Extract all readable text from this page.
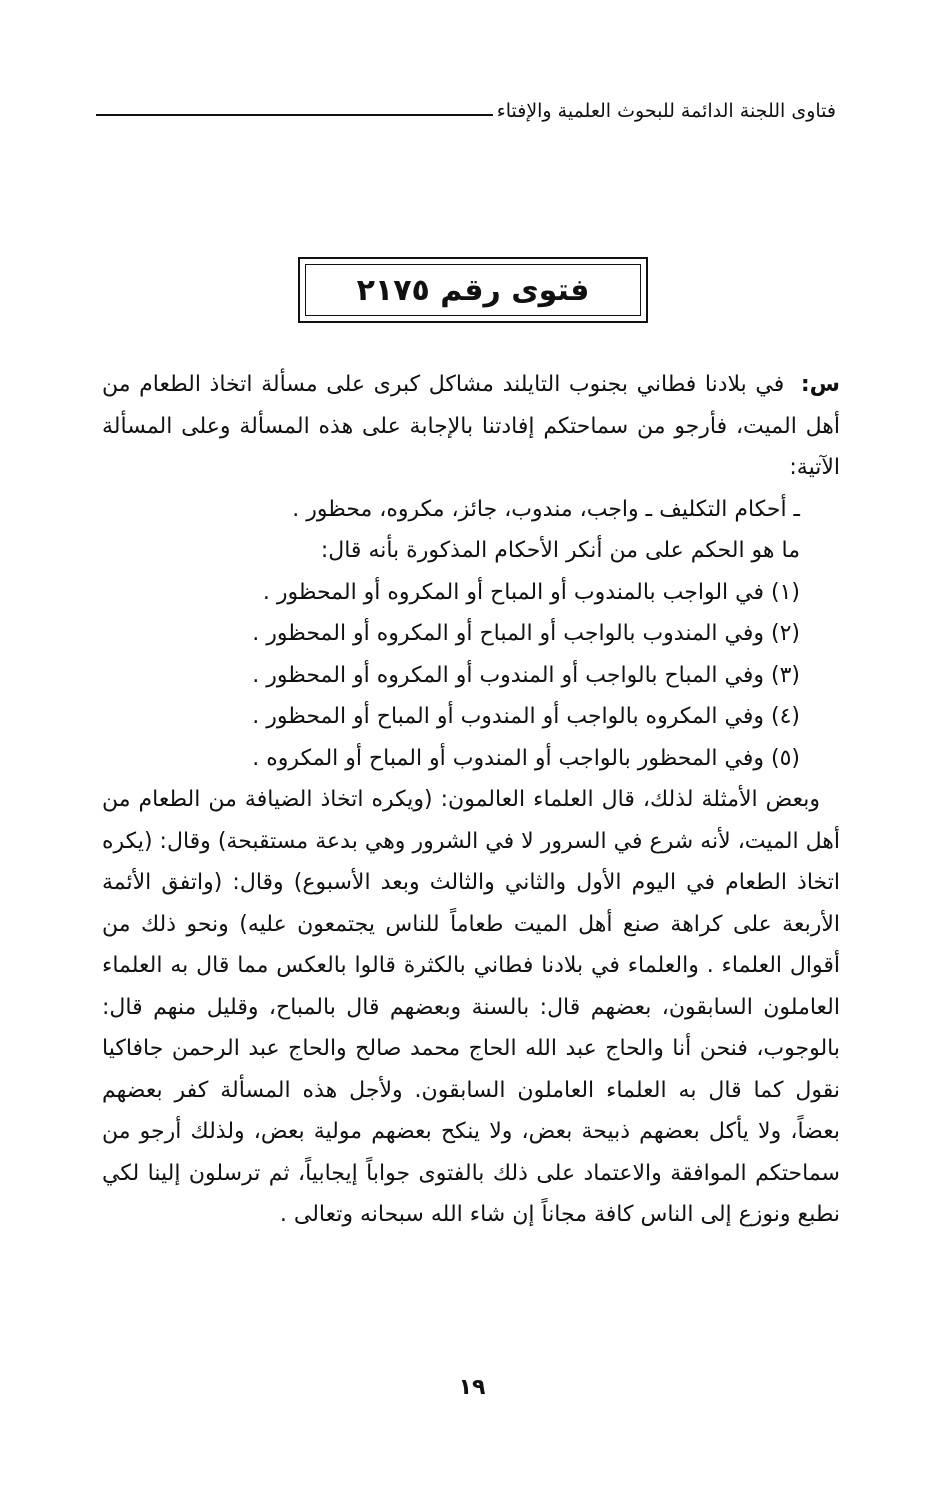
فتاوى اللجنة الدائمة للبحوث العلمية والإفتاء
فتوى رقم ٢١٧٥

س: في بلادنا فطاني بجنوب التايلند مشاكل كبرى على مسألة اتخاذ الطعام من أهل الميت، فأرجو من سماحتكم إفادتنا بالإجابة على هذه المسألة وعلى المسألة الآتية:

ـ أحكام التكليف ـ واجب، مندوب، جائز، مكروه، محظور .

ما هو الحكم على من أنكر الأحكام المذكورة بأنه قال:

(١) في الواجب بالمندوب أو المباح أو المكروه أو المحظور .

(٢) وفي المندوب بالواجب أو المباح أو المكروه أو المحظور .

(٣) وفي المباح بالواجب أو المندوب أو المكروه أو المحظور .

(٤) وفي المكروه بالواجب أو المندوب أو المباح أو المحظور .

(٥) وفي المحظور بالواجب أو المندوب أو المباح أو المكروه .

وبعض الأمثلة لذلك، قال العلماء العالمون: (ويكره اتخاذ الضيافة من الطعام من أهل الميت، لأنه شرع في السرور لا في الشرور وهي بدعة مستقبحة) وقال: (يكره اتخاذ الطعام في اليوم الأول والثاني والثالث وبعد الأسبوع) وقال: (واتفق الأئمة الأربعة على كراهة صنع أهل الميت طعاماً للناس يجتمعون عليه) ونحو ذلك من أقوال العلماء . والعلماء في بلادنا فطاني بالكثرة قالوا بالعكس مما قال به العلماء العاملون السابقون، بعضهم قال: بالسنة وبعضهم قال بالمباح، وقليل منهم قال: بالوجوب، فنحن أنا والحاج عبد الله الحاج محمد صالح والحاج عبد الرحمن جافاكيا نقول كما قال به العلماء العاملون السابقون. ولأجل هذه المسألة كفر بعضهم بعضاً، ولا يأكل بعضهم ذبيحة بعض، ولا ينكح بعضهم مولية بعض، ولذلك أرجو من سماحتكم الموافقة والاعتماد على ذلك بالفتوى جواباً إيجابياً، ثم ترسلون إلينا لكي نطبع ونوزع إلى الناس كافة مجاناً إن شاء الله سبحانه وتعالى .

١٩
